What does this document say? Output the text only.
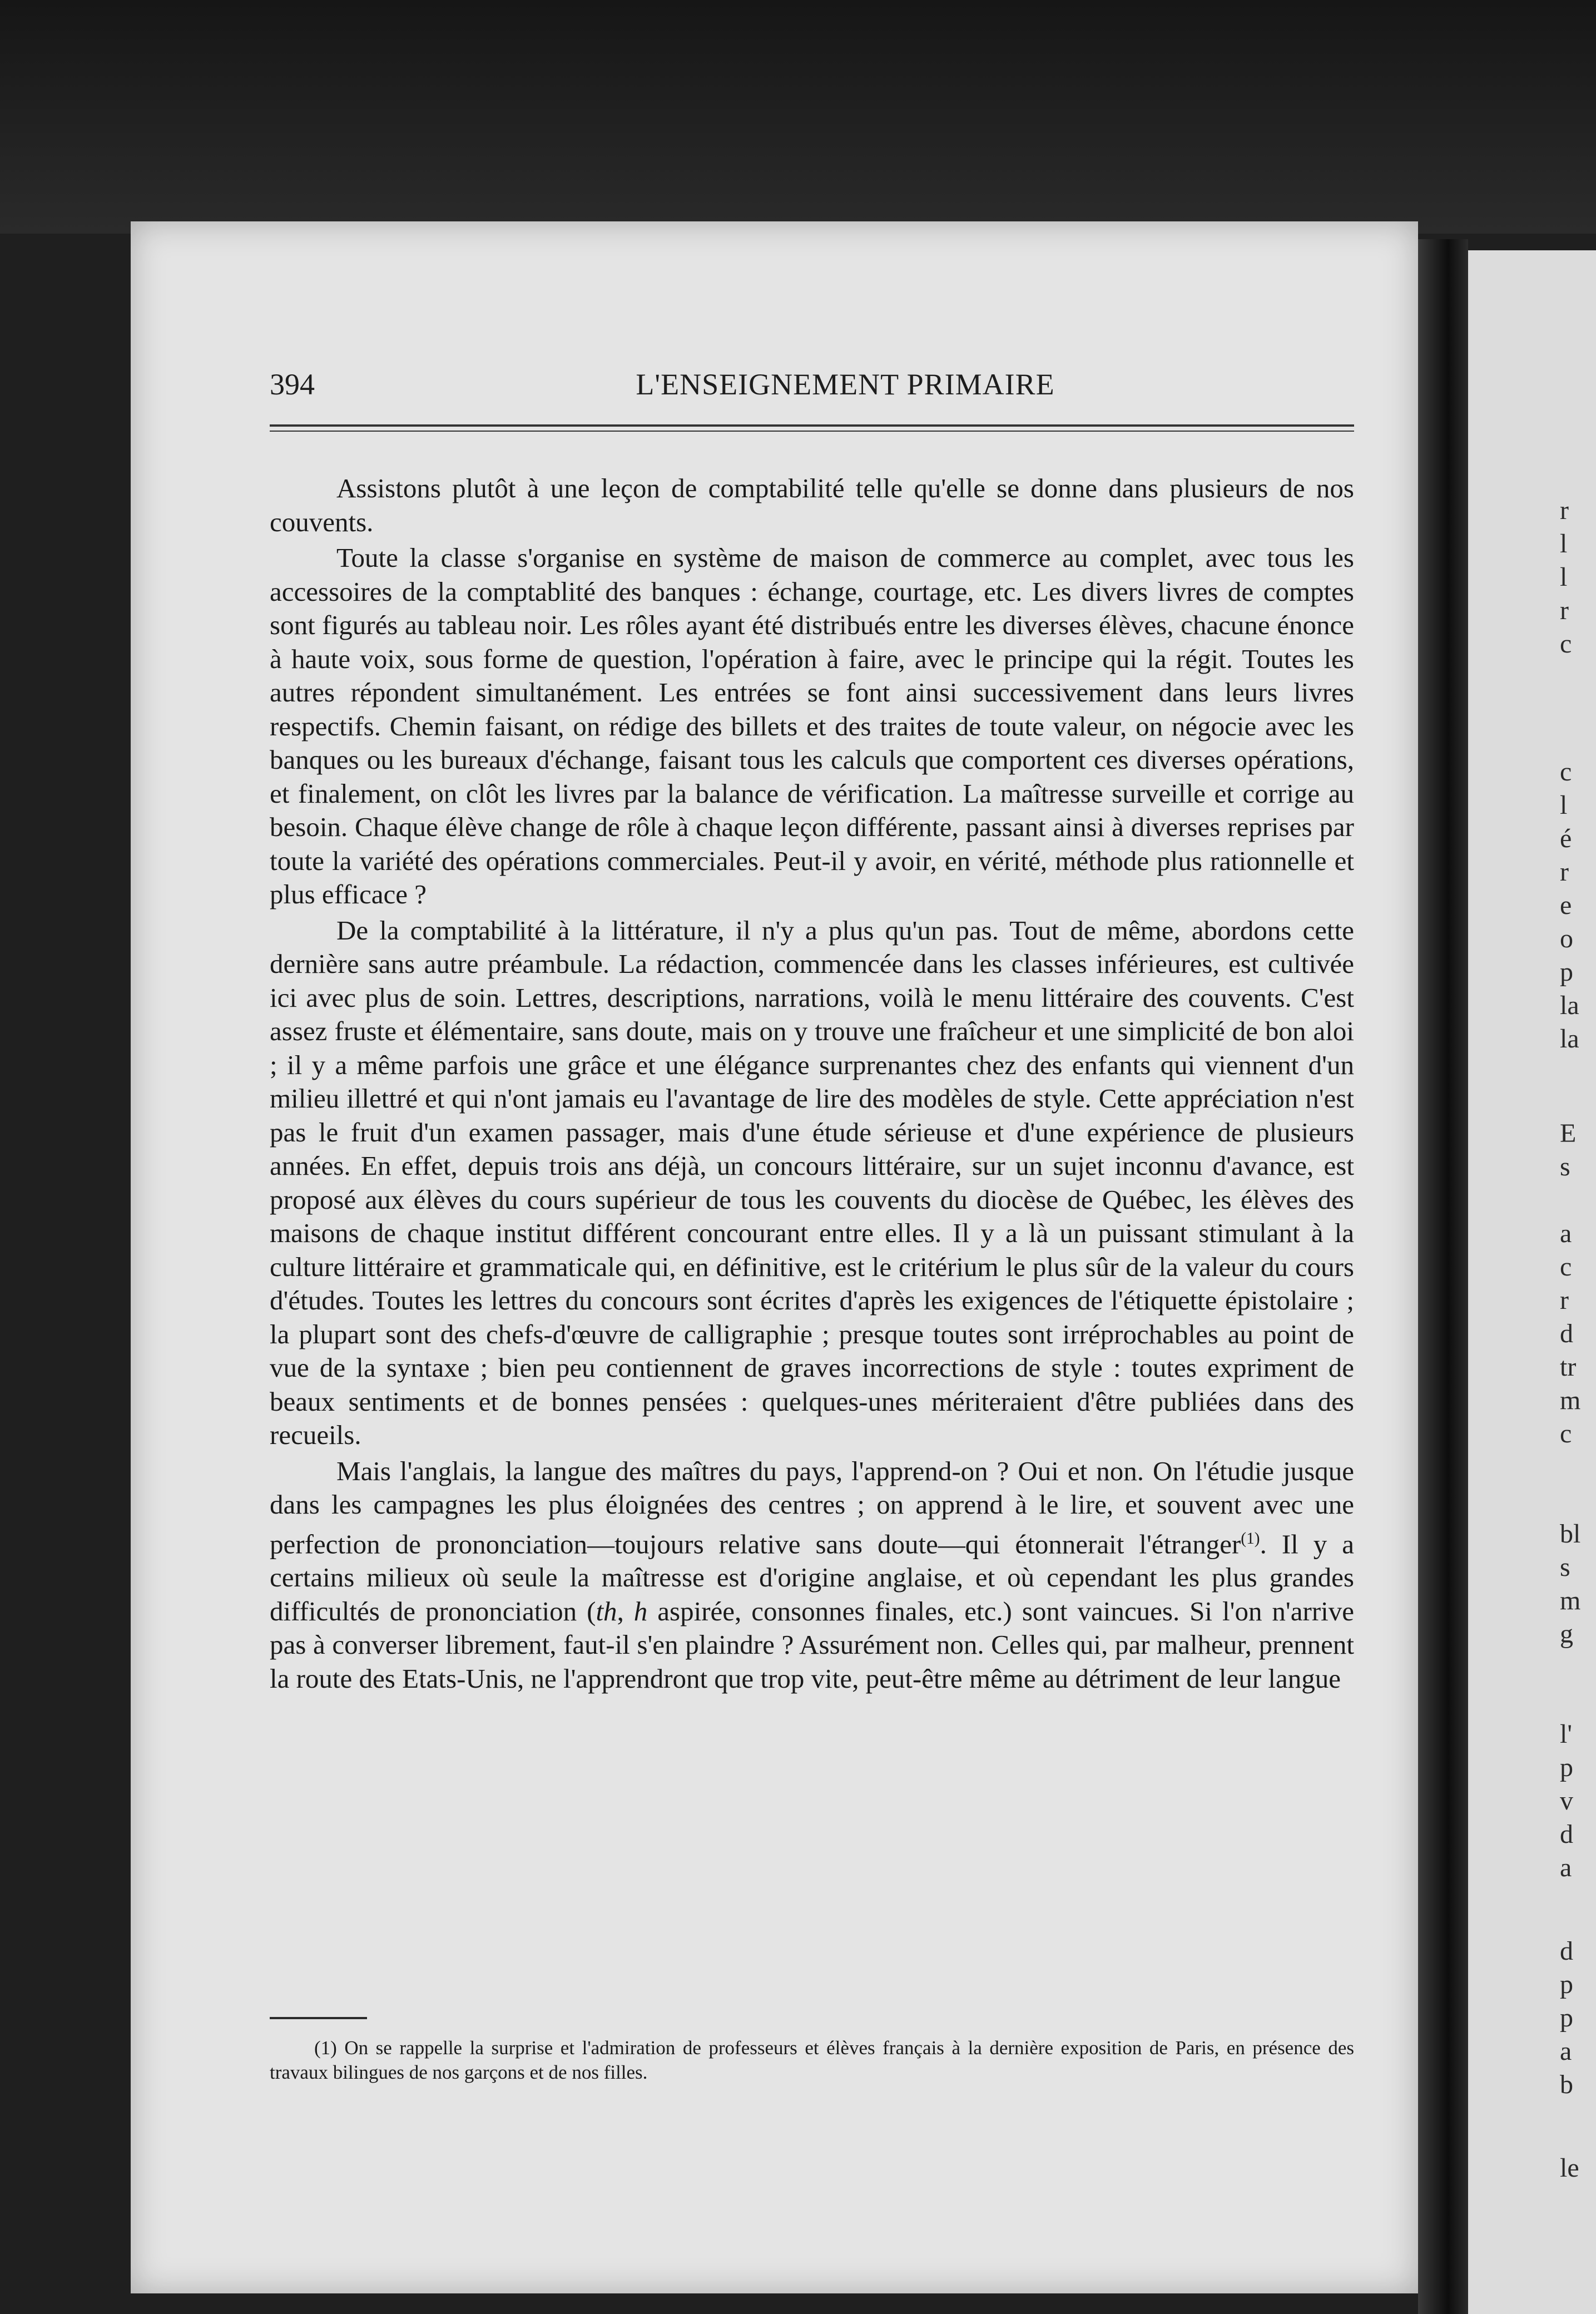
394	L'ENSEIGNEMENT PRIMAIRE

Assistons plutôt à une leçon de comptabilité telle qu'elle se donne dans plusieurs de nos couvents.

Toute la classe s'organise en système de maison de commerce au complet, avec tous les accessoires de la comptablité des banques : échange, courtage, etc. Les divers livres de comptes sont figurés au tableau noir. Les rôles ayant été distribués entre les diverses élèves, chacune énonce à haute voix, sous forme de question, l'opération à faire, avec le principe qui la régit. Toutes les autres répondent simultanément. Les entrées se font ainsi successivement dans leurs livres respectifs. Chemin faisant, on rédige des billets et des traites de toute valeur, on négocie avec les banques ou les bureaux d'échange, faisant tous les calculs que comportent ces diverses opérations, et finalement, on clôt les livres par la balance de vérification. La maîtresse surveille et corrige au besoin. Chaque élève change de rôle à chaque leçon différente, passant ainsi à diverses reprises par toute la variété des opérations commerciales. Peut-il y avoir, en vérité, méthode plus rationnelle et plus efficace ?

De la comptabilité à la littérature, il n'y a plus qu'un pas. Tout de même, abordons cette dernière sans autre préambule. La rédaction, commencée dans les classes inférieures, est cultivée ici avec plus de soin. Lettres, descriptions, narrations, voilà le menu littéraire des couvents. C'est assez fruste et élémentaire, sans doute, mais on y trouve une fraîcheur et une simplicité de bon aloi ; il y a même parfois une grâce et une élégance surprenantes chez des enfants qui viennent d'un milieu illettré et qui n'ont jamais eu l'avantage de lire des modèles de style. Cette appréciation n'est pas le fruit d'un examen passager, mais d'une étude sérieuse et d'une expérience de plusieurs années. En effet, depuis trois ans déjà, un concours littéraire, sur un sujet inconnu d'avance, est proposé aux élèves du cours supérieur de tous les couvents du diocèse de Québec, les élèves des maisons de chaque institut différent concourant entre elles. Il y a là un puissant stimulant à la culture littéraire et grammaticale qui, en définitive, est le critérium le plus sûr de la valeur du cours d'études. Toutes les lettres du concours sont écrites d'après les exigences de l'étiquette épistolaire ; la plupart sont des chefs-d'œuvre de calligraphie ; presque toutes sont irréprochables au point de vue de la syntaxe ; bien peu contiennent de graves incorrections de style : toutes expriment de beaux sentiments et de bonnes pensées : quelques-unes mériteraient d'être publiées dans des recueils.

Mais l'anglais, la langue des maîtres du pays, l'apprend-on ? Oui et non. On l'étudie jusque dans les campagnes les plus éloignées des centres ; on apprend à le lire, et souvent avec une perfection de prononciation—toujours relative sans doute—qui étonnerait l'étranger$^{(1)}$. Il y a certains milieux où seule la maîtresse est d'origine anglaise, et où cependant les plus grandes difficultés de prononciation (th, h aspirée, consonnes finales, etc.) sont vaincues. Si l'on n'arrive pas à converser librement, faut-il s'en plaindre ? Assurément non. Celles qui, par malheur, prennent la route des Etats-Unis, ne l'apprendront que trop vite, peut-être même au détriment de leur langue

(1) On se rappelle la surprise et l'admiration de professeurs et élèves français à la dernière exposition de Paris, en présence des travaux bilingues de nos garçons et de nos filles.
r
l
l
r
c
c
l
é
r
e
o
p
la
la
E
s
a
c
r
d
tr
m
c
bl
s
m
g
l'
p
v
d
a
d
p
p
a
b
le
